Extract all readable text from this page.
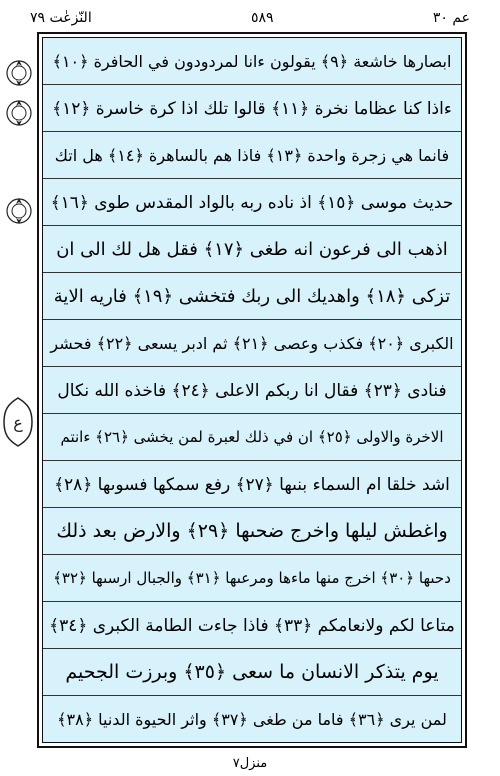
عم ٣٠
٥٨٩
النّزعٰت ٧٩
ع
ابصارها خاشعة ﴿٩﴾ يقولون ءانا لمردودون في الحافرة ﴿١٠﴾
ءاذا كنا عظاما نخرة ﴿١١﴾ قالوا تلك اذا كرة خاسرة ﴿١٢﴾
فانما هي زجرة واحدة ﴿١٣﴾ فاذا هم بالساهرة ﴿١٤﴾ هل اتك
حديث موسى ﴿١٥﴾ اذ ناده ربه بالواد المقدس طوى ﴿١٦﴾
اذهب الى فرعون انه طغى ﴿١٧﴾ فقل هل لك الى ان
تزكى ﴿١٨﴾ واهديك الى ربك فتخشى ﴿١٩﴾ فاريه الاية
الكبرى ﴿٢٠﴾ فكذب وعصى ﴿٢١﴾ ثم ادبر يسعى ﴿٢٢﴾ فحشر
فنادى ﴿٢٣﴾ فقال انا ربكم الاعلى ﴿٢٤﴾ فاخذه الله نكال
الاخرة والاولى ﴿٢٥﴾ ان في ذلك لعبرة لمن يخشى ﴿٢٦﴾ ءانتم
اشد خلقا ام السماء بنىها ﴿٢٧﴾ رفع سمكها فسوىها ﴿٢٨﴾
واغطش ليلها واخرج ضحىها ﴿٢٩﴾ والارض بعد ذلك
دحىها ﴿٣٠﴾ اخرج منها ماءها ومرعىها ﴿٣١﴾ والجبال ارسىها ﴿٣٢﴾
متاعا لكم ولانعامكم ﴿٣٣﴾ فاذا جاءت الطامة الكبرى ﴿٣٤﴾
يوم يتذكر الانسان ما سعى ﴿٣٥﴾ وبرزت الجحيم
لمن يرى ﴿٣٦﴾ فاما من طغى ﴿٣٧﴾ واثر الحيوة الدنيا ﴿٣٨﴾
منزل٧
